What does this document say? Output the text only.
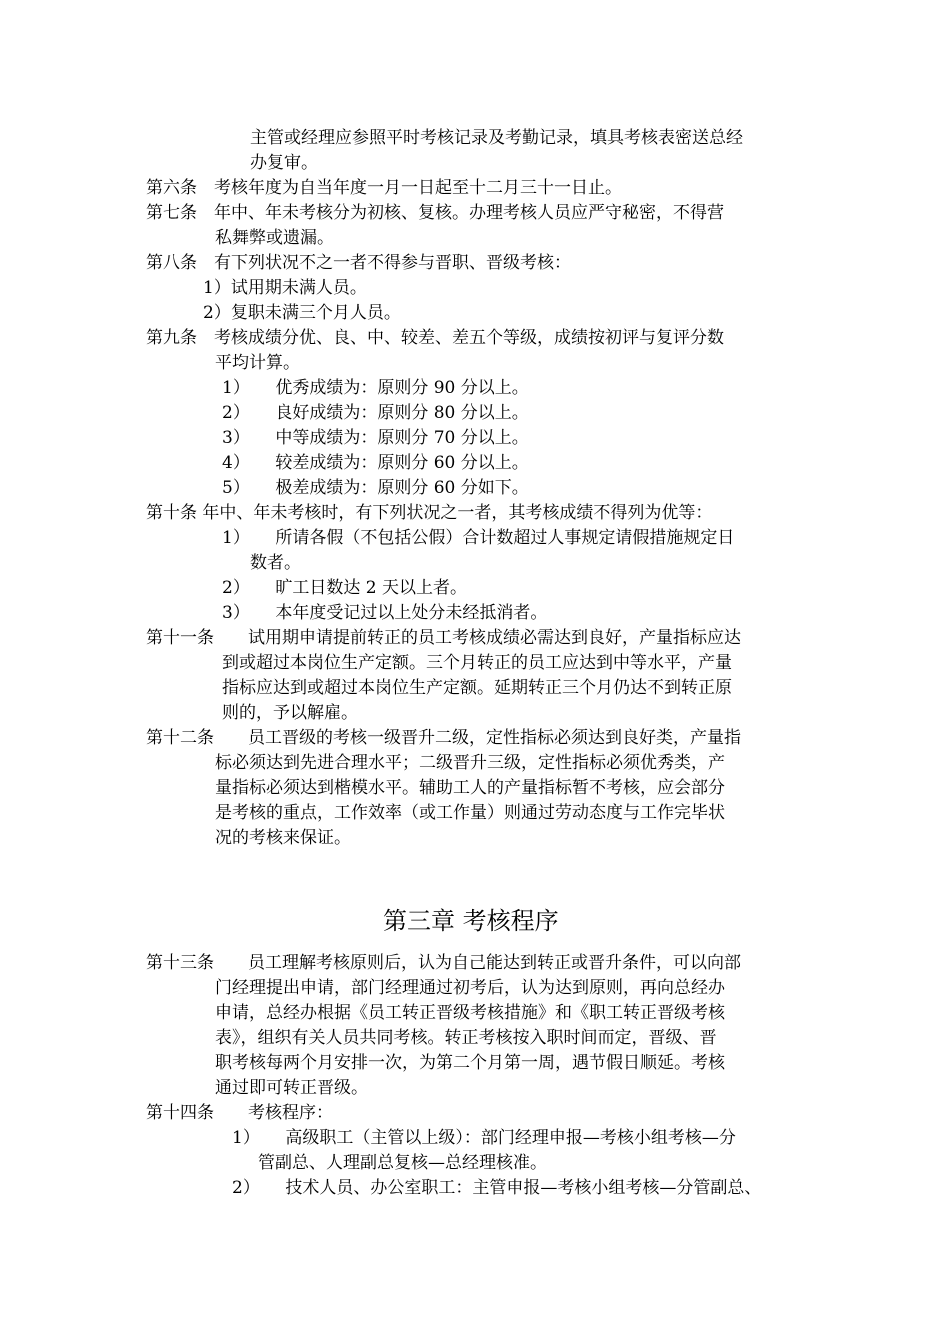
主管或经理应参照平时考核记录及考勤记录，填具考核表密送总经
办复审。
第六条　考核年度为自当年度一月一日起至十二月三十一日止。
第七条　年中、年未考核分为初核、复核。办理考核人员应严守秘密，不得营
私舞弊或遗漏。
第八条　有下列状况不之一者不得参与晋职、晋级考核：
1）试用期未满人员。
2）复职未满三个月人员。
第九条　考核成绩分优、良、中、较差、差五个等级，成绩按初评与复评分数
平均计算。
1）　　优秀成绩为：原则分 90 分以上。
2）　　良好成绩为：原则分 80 分以上。
3）　　中等成绩为：原则分 70 分以上。
4）　　较差成绩为：原则分 60 分以上。
5）　　极差成绩为：原则分 60 分如下。
第十条 年中、年未考核时，有下列状况之一者，其考核成绩不得列为优等：
1）　　所请各假（不包括公假）合计数超过人事规定请假措施规定日
数者。
2）　　旷工日数达 2 天以上者。
3）　　本年度受记过以上处分未经抵消者。
第十一条　　试用期申请提前转正的员工考核成绩必需达到良好，产量指标应达
到或超过本岗位生产定额。三个月转正的员工应达到中等水平，产量
指标应达到或超过本岗位生产定额。延期转正三个月仍达不到转正原
则的，予以解雇。
第十二条　　员工晋级的考核一级晋升二级，定性指标必须达到良好类，产量指
标必须达到先进合理水平；二级晋升三级，定性指标必须优秀类，产
量指标必须达到楷模水平。辅助工人的产量指标暂不考核，应会部分
是考核的重点，工作效率（或工作量）则通过劳动态度与工作完毕状
况的考核来保证。
第三章 考核程序
第十三条　　员工理解考核原则后，认为自己能达到转正或晋升条件，可以向部
门经理提出申请，部门经理通过初考后，认为达到原则，再向总经办
申请，总经办根据《员工转正晋级考核措施》和《职工转正晋级考核
表》，组织有关人员共同考核。转正考核按入职时间而定，晋级、晋
职考核每两个月安排一次，为第二个月第一周，遇节假日顺延。考核
通过即可转正晋级。
第十四条　　考核程序：
1）　　高级职工（主管以上级）：部门经理申报—考核小组考核—分
管副总、人理副总复核—总经理核准。
2）　　技术人员、办公室职工：主管申报—考核小组考核—分管副总、
